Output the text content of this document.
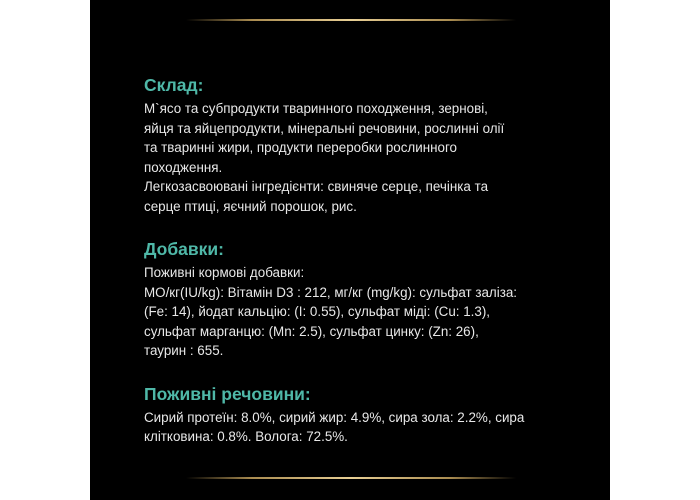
Склад:

М`ясо та субпродукти тваринного походження, зернові,
яйця та яйцепродукти, мінеральні речовини, рослинні олії
та тваринні жири, продукти переробки рослинного
походження.
Легкозасвоювані інгредієнти: свиняче серце, печінка та
серце птиці, яєчний порошок, рис.

Добавки:

Поживні кормові добавки:
МО/кг(IU/kg): Вітамін D3 : 212, мг/кг (mg/kg): сульфат заліза:
(Fe: 14), йодат кальцію: (I: 0.55), сульфат міді: (Cu: 1.3),
сульфат марганцю: (Mn: 2.5), сульфат цинку: (Zn: 26),
таурин : 655.

Поживні речовини:

Сирий протеїн: 8.0%, сирий жир: 4.9%, сира зола: 2.2%, сира
клітковина: 0.8%. Волога: 72.5%.
